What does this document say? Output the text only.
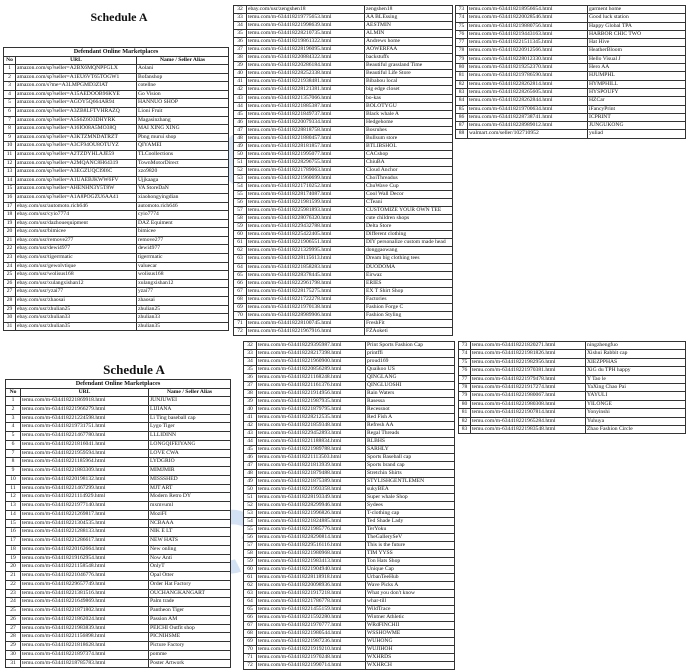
Schedule A
Defendant Online Marketplaces
No	URL	Name / Seller Alias
1	amazon.com/sp?seller=A2BX6MQNPFGLX	Aolani
2	amazon.com/sp?seller=A1EU6VT65TOGW1	Bofanshop
3	amazon.com/s?me=A3LMPGMD3ZIAT	cotellne
4	amazon.com/sp?seller=A15AEDOOB96KYE	Go Vision
5	amazon.com/sp?seller=AGOY5Q664AR94	HANNUO SHOP
6	amazon.com/sp?seller=A3ZB8LFTVHRAZQ	Lioni Fruit
7	amazon.com/sp?seller=A5S6Z6O3DHYRK	Magasinzhang
8	amazon.com/sp?seller=A16IO08A5MO38Q	MAI XING XING
9	amazon.com/sp?seller=A3KTZMNDATRZT	Pbng murui shop
10 amazon.com/sp?seller=A3CF94OU8OTUYZ	QIYAMEI
11 amazon.com/sp?seller=A2TZDYHLAJE59	TLCoollections
12 amazon.com/sp?seller=A2MQANC8H64319	TownMotorDirect
13 amazon.com/sp?seller=A3EGZUQCI9I6C	xzo9820
14 amazon.com/sp?seller=A1UAEBJKWW6FV	Ujjkaaga
15 amazon.com/sp?seller=AHENHN3Y5T8W	VA StoreDaN
16 amazon.com/sp?seller=A1A8POGZU6AA41	xiaohongyingdian
17 ebay.com/usr/automoto.rich646	automoto.rich646
18 ebay.com/usr/cyio7774	cyio7774
19 ebay.com/usr/dazhouequipment	DAZ Equiment
20 ebay.com/usr/bimicee	bimicee
21 ebay.com/usr/remove277	remove277
22 ebay.com/usr/dewi4977	dewi4977
23 ebay.com/usr/tigerrmatic	tigerrmatic
24 ebay.com/usr/gewolvtique	valuecar
25 ebay.com/usr/wolisus168	wolisus168
26 ebay.com/usr/xulangxishan12	xulangxishan12
27 ebay.com/usr/yzai77	yzai77
28 ebay.com/usr/zhaosai	zhaosai
29 ebay.com/usr/zhulian25	zhulian25
30 ebay.com/usr/zhulian33	zhulian33
31 ebay.com/usr/zhulian35	zhulian35
32 ebay.com/usr/zengshen18	zengshen18
33 temu.com/m-634418219775653.html	AA BLEssing
34 temu.com/m-634418221998639.html	AESTMIN
35 temu.com/m-634418228210735.html	ALMIN
36 temu.com/m-634418219861322.html	Andrews home
37 temu.com/m-634418228196095.html	AOWERFAA
38 temu.com/m-634418220884322.html	backstuffs
39 temu.com/m-634418220286184.html	Beautiful grassland Time
40 temu.com/m-634418228252338.html	Beautiful Life Store
41 temu.com/m-634418221938481.html	Bibabou local
42 temu.com/m-634418228121381.html	big edge closet
43 temu.com/m-634418221357066.html	bo-kas
44 temu.com/m-634418221885387.html	BOLOTYGU
45 temu.com/m-634418221849737.html	Black whale A
46 temu.com/m-634418220079334.html	Hedgehome
47 temu.com/m-634418228818758.html	Bosruhes
48 temu.com/m-634418221880457.html	Bullsum store
49 temu.com/m-634418228181857.html	BTLIBSHOL
50 temu.com/m-634418221995077.html	CACshop
51 temu.com/m-634418228296755.html	ChiuBA
52 temu.com/m-634418221789063.html	Cloud Anchor
53 temu.com/m-634418221960699.html	ChoiThreadus
54 temu.com/m-634418221710252.html	ChuWave Cup
55 temu.com/m-634418228174087.html	Cool Wall Decor
56 temu.com/m-634418221981599.html	CTeani
57 temu.com/m-634418225981893.html	CUSTOMIZE YOUR OWN TEE
58 temu.com/m-634418228076320.html	cute children shops
59 temu.com/m-634418229432788.html	Delta Store
60 temu.com/m-634418225422405.html	Different clothing
61 temu.com/m-634418221906551.html	DIY personalize custom made head
62 temu.com/m-634418221329995.html	donggaowang
63 temu.com/m-634418228115613.html	Dream big clothing tees
64 temu.com/m-634418221858283.html	DUODOMA
65 temu.com/m-634418228378445.html	Eirwaz
66 temu.com/m-634418222961798.html	ERIES
67 temu.com/m-634418228175275.html	EX T Shirt Shop
68 temu.com/m-634418221722278.html	Factories
69 temu.com/m-634418221970138.html	Fashion Forge C
70 temu.com/m-634418228989906.html	Fashion Styling
71 temu.com/m-634418228100745.html	FreshFit
72 temu.com/m-634418221967916.html	FZAoketi
73 temu.com/m-634418218956654.html	garment home
74 temu.com/m-634418220028546.html	Good luck station
75 temu.com/m-634418219880756.html	Happy Global TPA
76 temu.com/m-634418219443163.html	HARBOR CHIC TWO
77 temu.com/m-634418221511345.html	Hat Hive
78 temu.com/m-634418220912566.html	HeatherBloom
79 temu.com/m-634418228012330.html	Hello Visual J
80 temu.com/m-634418219252370.html	Hero AA
81 temu.com/m-634418219786590.html	HJUMPHL
82 temu.com/m-634418228262814.html	HYMPHILL
83 temu.com/m-634418228265605.html	HYSPOUFY
84 temu.com/m-634418228262844.html	HZCar
85 temu.com/m-634418219700634.html	iFancyPrint
86 temu.com/m-634418228738741.html	ICPRINT
87 temu.com/m-634418228989012.html	JUNGUKONG
88 walmart.com/seller/102710952	yuliad
Schedule A
Defendant Online Marketplaces
No	URL	Name / Seller Alias
1	temu.com/m-634418221869918.html	JUNJUWEI
2	temu.com/m-634418221966279.html	LIJIANA
3	temu.com/m-634418221224598.html	Li Ting baseball cap
4	temu.com/m-634418219731751.html	Lygo Tiger
5	temu.com/m-634418221467780.html	LLLIDINN
6	temu.com/m-634418221816041.html	LONGQIFEIYANG
7	temu.com/m-634418221959594.html	LOVE CWA
8	temu.com/m-634418221185964.html	LYDGRIO
9	temu.com/m-634418221883309.html	MIMJMIR
10	temu.com/m-634418220198132.html	MISSSHED
11	temu.com/m-634418221467299.html	MJT ART
12	temu.com/m-634418221114929.html	Modern Retro DY
13	temu.com/m-634418221977140.html	mxmvuml
14	temu.com/m-634418221269817.html	MoziFI
15	temu.com/m-634418221304535.html	NCBAAA
16	temu.com/m-634418221288133.html	NIK E LT
17	temu.com/m-634418221286617.html	NEW HATS
18	temu.com/m-634418220162664.html	New onling
19	temu.com/m-634418219162954.html	Now Anti
20	temu.com/m-634418221158548.html	OnlyT
21	temu.com/m-634418221046776.html	Opal Otter
22	temu.com/m-634418229657749.html	Order Hat Factory
23	temu.com/m-634418221381516.html	OUCHANGKANGART
24	temu.com/m-634418221649869.html	Palm trade
25	temu.com/m-634418221871802.html	Pantheon Tiger
26	temu.com/m-634418221862024.html	Passion AM
27	temu.com/m-634418221983839.html	PEICHI Outfit shop
28	temu.com/m-634418221156898.html	PICNIHSME
29	temu.com/m-634418221818628.html	Picture Factory
30	temu.com/m-634418221897374.html	pomme
31	temu.com/m-634418218785783.html	Poster Artwork
32 temu.com/m-634418229395987.html	Print Sports Fashion Cap
33 temu.com/m-634418228217398.html	printffi
34 temu.com/m-634418221960900.html	proud169
35 temu.com/m-634418220856289.html	Quaikoo US
36 temu.com/m-634418221168248.html	QINGLANG
37 temu.com/m-634418221161376.html	QINGLUOSHI
38 temu.com/m-634418221914956.html	Rain Waters
39 temu.com/m-634418221987935.html	Rasessa
40 temu.com/m-634418221879795.html	Recessnot
41 temu.com/m-634418228212535.html	Red Fish A
42 temu.com/m-634418221859348.html	Refresh AA
43 temu.com/m-634418229452893.html	Regal Threads
44 temu.com/m-634418221188834.html	RLBHS
45 temu.com/m-634418221989788.html	SARHLY
46 temu.com/m-634418221113503.html	Sports Baseball cap
47 temu.com/m-634418221813939.html	Sports brand cap
48 temu.com/m-634418221879488.html	Stretchin Shirts
49 temu.com/m-634418221875389.html	STYLISHGENTLEMEN
50 temu.com/m-634418221993358.html	sukyBEA
51 temu.com/m-634418228193349.html	Super whale Shop
52 temu.com/m-634418228299946.html	Sydees
53 temu.com/m-634418221996826.html	T-clothing cap
54 temu.com/m-634418221824885.html	Ted Shade Lady
55 temu.com/m-634418221985776.html	TerYoku
56 temu.com/m-634418228290814.html	TheGallerySeV
57 temu.com/m-634418229516116.html	This is the future
58 temu.com/m-634418221980968.html	TIM YYSS
59 temu.com/m-634418221983413.html	Ton Hats Shop
60 temu.com/m-634418221904940.html	Unique Cap
61 temu.com/m-634418228118918.html	UrbanTeeHub
62 temu.com/m-634418220098936.html	Wave Picks A
63 temu.com/m-634418221917218.html	What you don't know
64 temu.com/m-634418221786778.html	whar-till
65 temu.com/m-634418221455159.html	WildTrace
66 temu.com/m-634418221592280.html	Wintner Athletic
67 temu.com/m-634418221970777.html	WRdFINCHII
68 temu.com/m-634418221980544.html	WSSHOWME
69 temu.com/m-634418221987236.html	WUHONG
70 temu.com/m-634418221919210.html	WUJIHOH
71 temu.com/m-634418221970248.html	WXHRDS
72 temu.com/m-634418221990714.html	WXHRCH
73 temu.com/m-634418221820271.html	ningzhengfuo
74 temu.com/m-634418221981826.html	Xishui Rabbit cap
75 temu.com/m-634418221982956.html	XIEZPPHAS
76 temu.com/m-634418221970381.html	XiG du TPH happy
77 temu.com/m-634418221979478.html	Y Tao le
78 temu.com/m-634418221917274.html	YaXing Chao Pai
79 temu.com/m-634418221980067.html	YAYULI
80 temu.com/m-634418221980308.html	YILONGE
81 temu.com/m-634418221907814.html	Yonyinshi
82 temu.com/m-634418221965284.html	Yuhuya
83 temu.com/m-634418221983548.html	Zhao Fashion Circle
